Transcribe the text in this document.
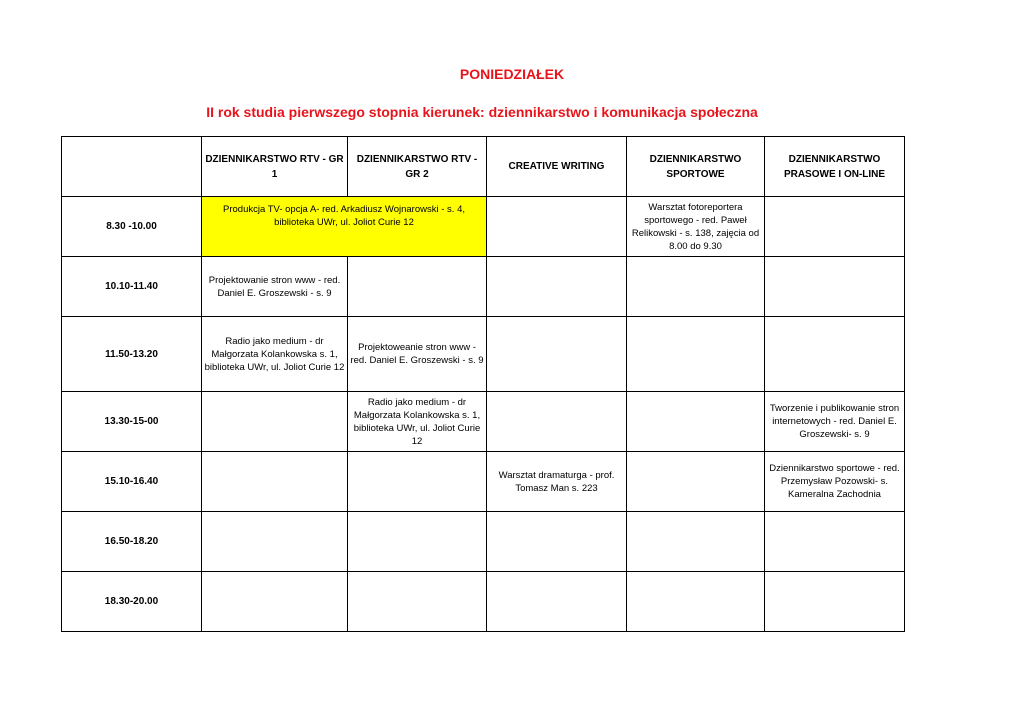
PONIEDZIAŁEK
II rok studia pierwszego stopnia kierunek: dziennikarstwo i komunikacja społeczna
	DZIENNIKARSTWO RTV - GR 1	DZIENNIKARSTWO RTV - GR 2	CREATIVE WRITING	DZIENNIKARSTWO SPORTOWE	DZIENNIKARSTWO PRASOWE I ON-LINE
8.30 -10.00	Produkcja TV- opcja A- red. Arkadiusz Wojnarowski - s. 4, biblioteka UWr, ul. Joliot Curie 12			Warsztat fotoreportera sportowego - red. Paweł Relikowski - s. 138, zajęcia od 8.00 do 9.30	
10.10-11.40	Projektowanie stron www - red. Daniel E. Groszewski - s. 9				
11.50-13.20	Radio jako medium - dr Małgorzata Kolankowska s. 1, biblioteka UWr, ul. Joliot Curie 12	Projektoweanie stron www - red. Daniel E. Groszewski - s. 9			
13.30-15-00		Radio jako medium - dr Małgorzata Kolankowska s. 1, biblioteka UWr, ul. Joliot Curie 12			Tworzenie i publikowanie stron internetowych - red. Daniel E. Groszewski- s. 9
15.10-16.40			Warsztat dramaturga - prof. Tomasz Man s. 223		Dziennikarstwo sportowe - red. Przemysław Pozowski- s. Kameralna Zachodnia
16.50-18.20					
18.30-20.00					
